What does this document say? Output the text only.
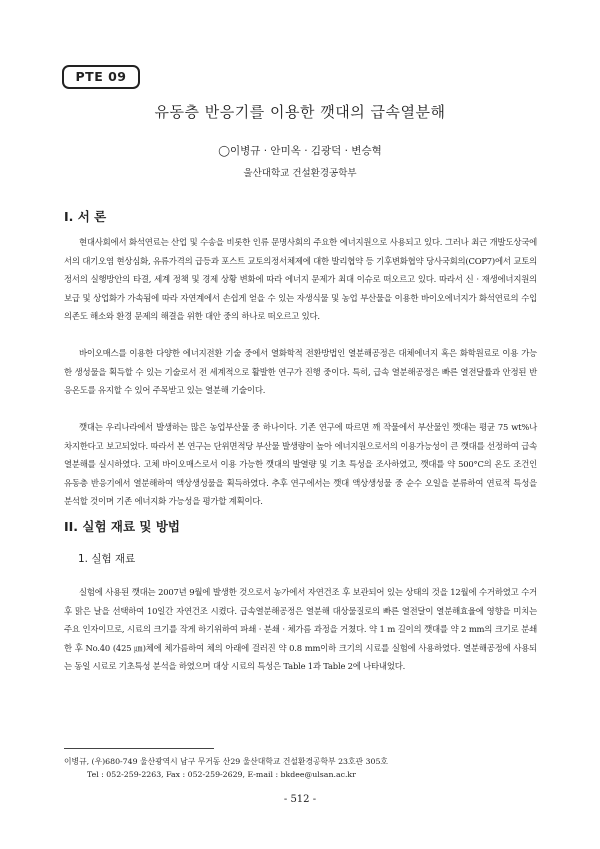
PTE 09
유동층 반응기를 이용한 깻대의 급속열분해
◯이병규 · 안미옥 · 김광덕 · 변승혁
울산대학교 건설환경공학부
I. 서 론

현대사회에서 화석연료는 산업 및 수송을 비롯한 인류 문명사회의 주요한 에너지원으로 사용되고 있다. 그러나 최근 개발도상국에서의 대기오염 현상심화, 유류가격의 급등과 포스트 교토의정서체제에 대한 발리협약 등 기후변화협약 당사국회의(COP7)에서 교토의정서의 실행방안의 타결, 세계 정책 및 경제 상황 변화에 따라 에너지 문제가 최대 이슈로 떠오르고 있다. 따라서 신 · 재생에너지원의 보급 및 상업화가 가속됨에 따라 자연계에서 손쉽게 얻을 수 있는 자생식물 및 농업 부산물을 이용한 바이오에너지가 화석연료의 수입 의존도 해소와 환경 문제의 해결을 위한 대안 중의 하나로 떠오르고 있다.

바이오매스를 이용한 다양한 에너지전환 기술 중에서 열화학적 전환방법인 열분해공정은 대체에너지 혹은 화학원료로 이용 가능한 생성물을 획득할 수 있는 기술로서 전 세계적으로 활발한 연구가 진행 중이다. 특히, 급속 열분해공정은 빠른 열전달률과 안정된 반응온도를 유지할 수 있어 주목받고 있는 열분해 기술이다.

깻대는 우리나라에서 발생하는 많은 농업부산물 중 하나이다. 기존 연구에 따르면 깨 작물에서 부산물인 깻대는 평균 75 wt%나 차지한다고 보고되었다. 따라서 본 연구는 단위면적당 부산물 발생량이 높아 에너지원으로서의 이용가능성이 큰 깻대를 선정하여 급속열분해를 실시하였다. 고체 바이오매스로서 이용 가능한 깻대의 발열량 및 기초 특성을 조사하였고, 깻대를 약 500°C의 온도 조건인 유동층 반응기에서 열분해하여 액상생성물을 획득하였다. 추후 연구에서는 깻대 액상생성물 중 순수 오일을 분류하여 연료적 특성을 분석할 것이며 기존 에너지화 가능성을 평가할 계획이다.

II. 실험 재료 및 방법
1. 실험 재료

실험에 사용된 깻대는 2007년 9월에 발생한 것으로서 농가에서 자연건조 후 보관되어 있는 상태의 것을 12월에 수거하였고 수거 후 맑은 날을 선택하여 10일간 자연건조 시켰다. 급속열분해공정은 열분해 대상물질로의 빠른 열전달이 열분해효율에 영향을 미치는 주요 인자이므로, 시료의 크기를 작게 하기위하여 파쇄 · 분쇄 · 체가름 과정을 거쳤다. 약 1 m 길이의 깻대를 약 2 mm의 크기로 분쇄한 후 No.40 (425 ㎛)체에 체가름하여 체의 아래에 걸러진 약 0.8 mm이하 크기의 시료를 실험에 사용하였다. 열분해공정에 사용되는 동일 시료로 기초특성 분석을 하였으며 대상 시료의 특성은 Table 1과 Table 2에 나타내었다.

이병규, (우)680-749 울산광역시 남구 무거동 산29 울산대학교 건설환경공학부 23호관 305호

Tel : 052-259-2263, Fax : 052-259-2629, E-mail : bkdee@ulsan.ac.kr

- 512 -
